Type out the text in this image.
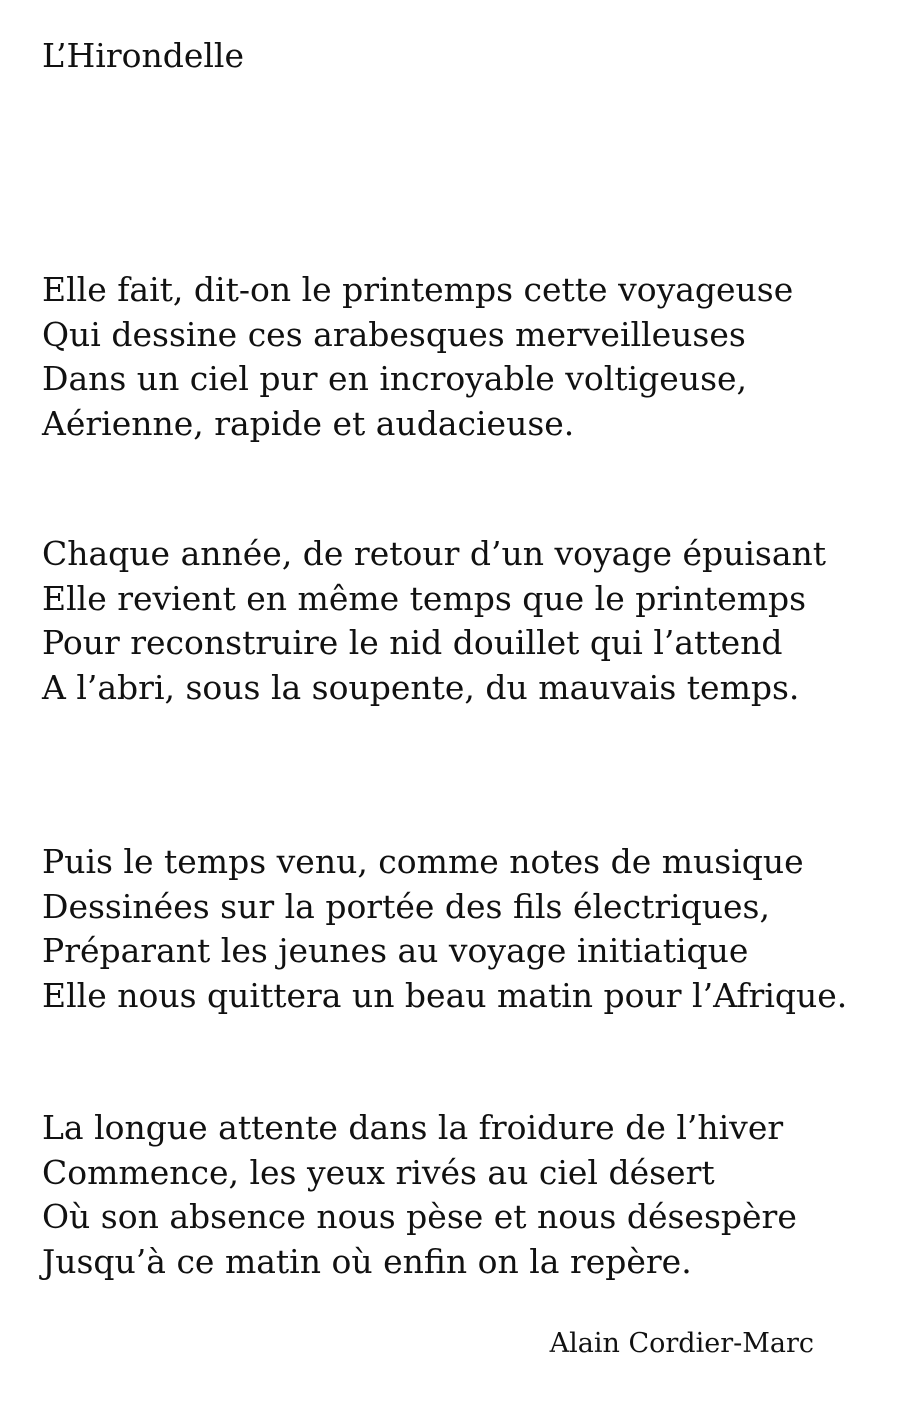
L’Hirondelle
Elle fait, dit-on le printemps cette voyageuse
Qui dessine ces arabesques merveilleuses
Dans un ciel pur en incroyable voltigeuse,
Aérienne, rapide et audacieuse.
Chaque année, de retour d’un voyage épuisant
Elle revient en même temps que le printemps
Pour reconstruire le nid douillet qui l’attend
A l’abri, sous la soupente, du mauvais temps.
Puis le temps venu, comme notes de musique
Dessinées sur la portée des fils électriques,
Préparant les jeunes au voyage initiatique
Elle nous quittera un beau matin pour l’Afrique.
La longue attente dans la froidure de l’hiver
Commence, les yeux rivés au ciel désert
Où son absence nous pèse et nous désespère
Jusqu’à ce matin où enfin on la repère.
Alain Cordier-Marc
